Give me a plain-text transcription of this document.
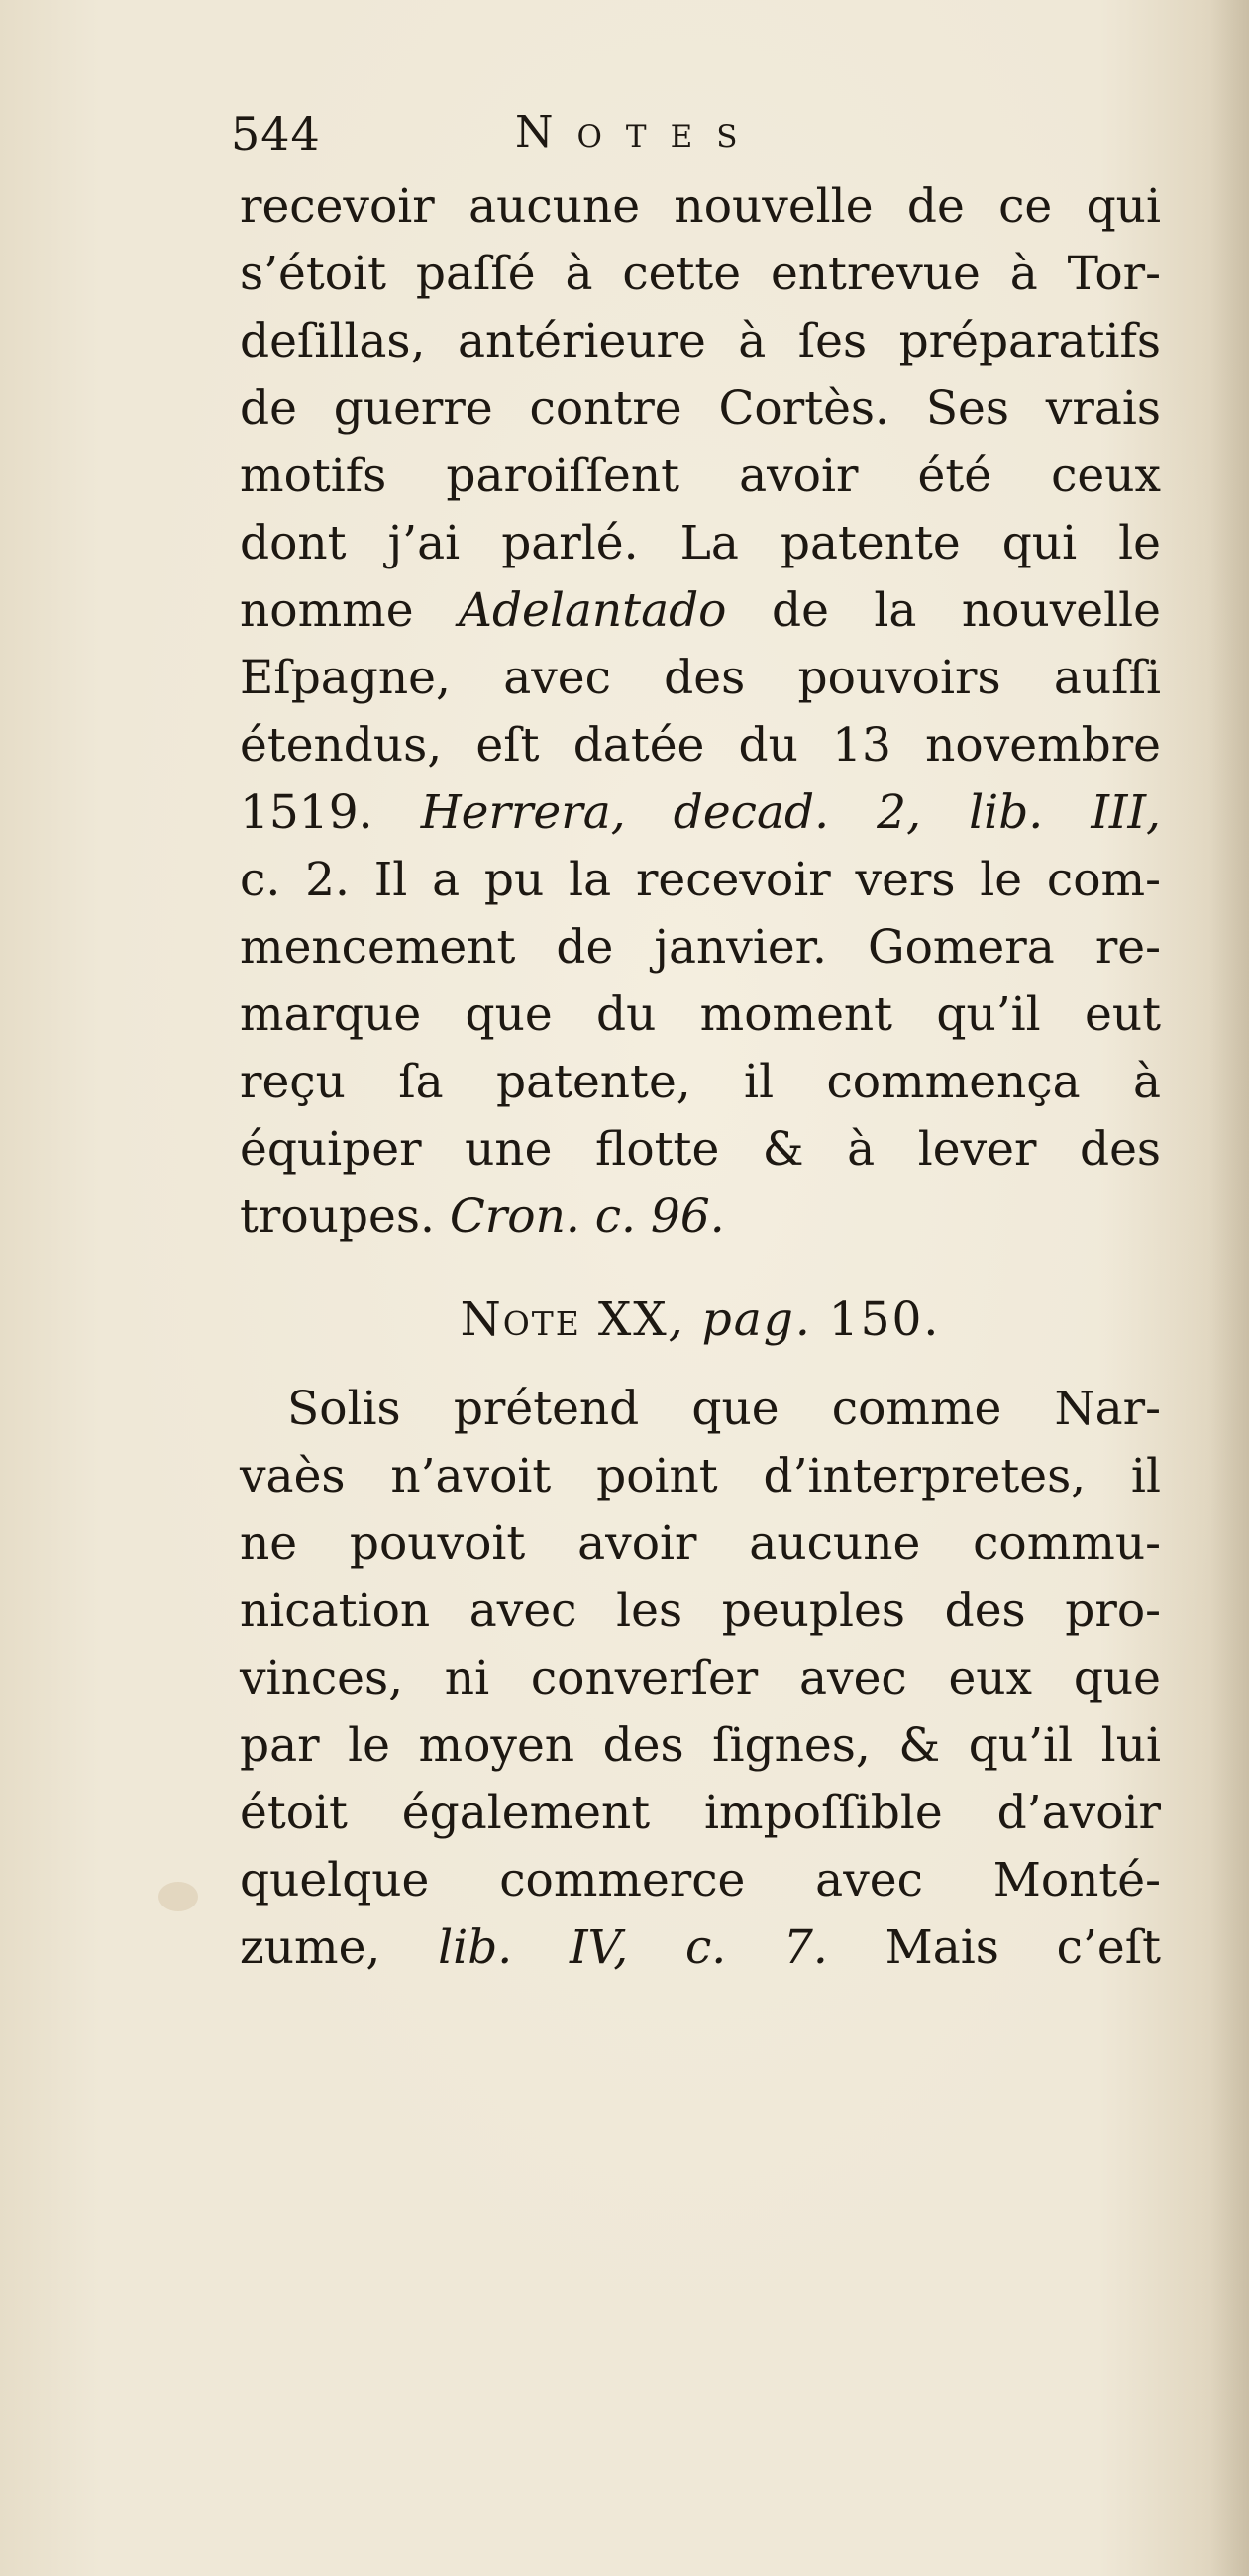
544	Notes
recevoir aucune nouvelle de ce qui
s’étoit paſſé à cette entrevue à Tor-
deſillas, antérieure à ſes préparatifs
de guerre contre Cortès. Ses vrais
motifs paroiſſent avoir été ceux
dont j’ai parlé. La patente qui le
nomme Adelantado de la nouvelle
Eſpagne, avec des pouvoirs auſſi
étendus, eſt datée du 13 novembre
1519. Herrera, decad. 2, lib. III,
c. 2. Il a pu la recevoir vers le com-
mencement de janvier. Gomera re-
marque que du moment qu’il eut
reçu ſa patente, il commença à
équiper une flotte & à lever des
troupes. Cron. c. 96.
Note XX, pag. 150.
Solis prétend que comme Nar-
vaès n’avoit point d’interpretes, il
ne pouvoit avoir aucune commu-
nication avec les peuples des pro-
vinces, ni converſer avec eux que
par le moyen des ſignes, & qu’il lui
étoit également impoſſible d’avoir
quelque commerce avec Monté-
zume, lib. IV, c. 7. Mais c’eſt
